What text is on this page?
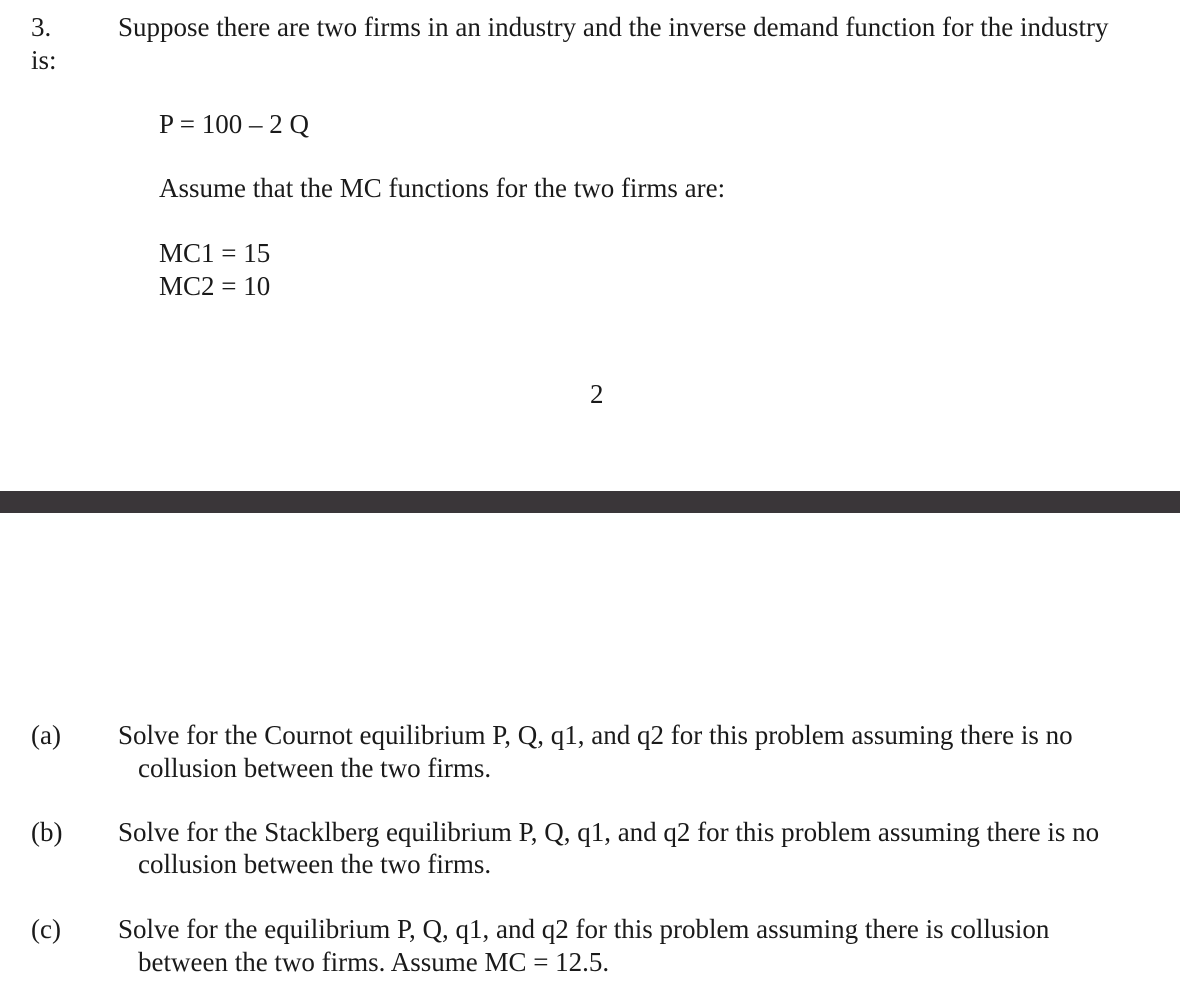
3. Suppose there are two firms in an industry and the inverse demand function for the industry

is:

P = 100 – 2 Q

Assume that the MC functions for the two firms are:

MC1 = 15

MC2 = 10

2

(a) Solve for the Cournot equilibrium P, Q, q1, and q2 for this problem assuming there is no

collusion between the two firms.

(b) Solve for the Stacklberg equilibrium P, Q, q1, and q2 for this problem assuming there is no

collusion between the two firms.

(c) Solve for the equilibrium P, Q, q1, and q2 for this problem assuming there is collusion

between the two firms. Assume MC = 12.5.
